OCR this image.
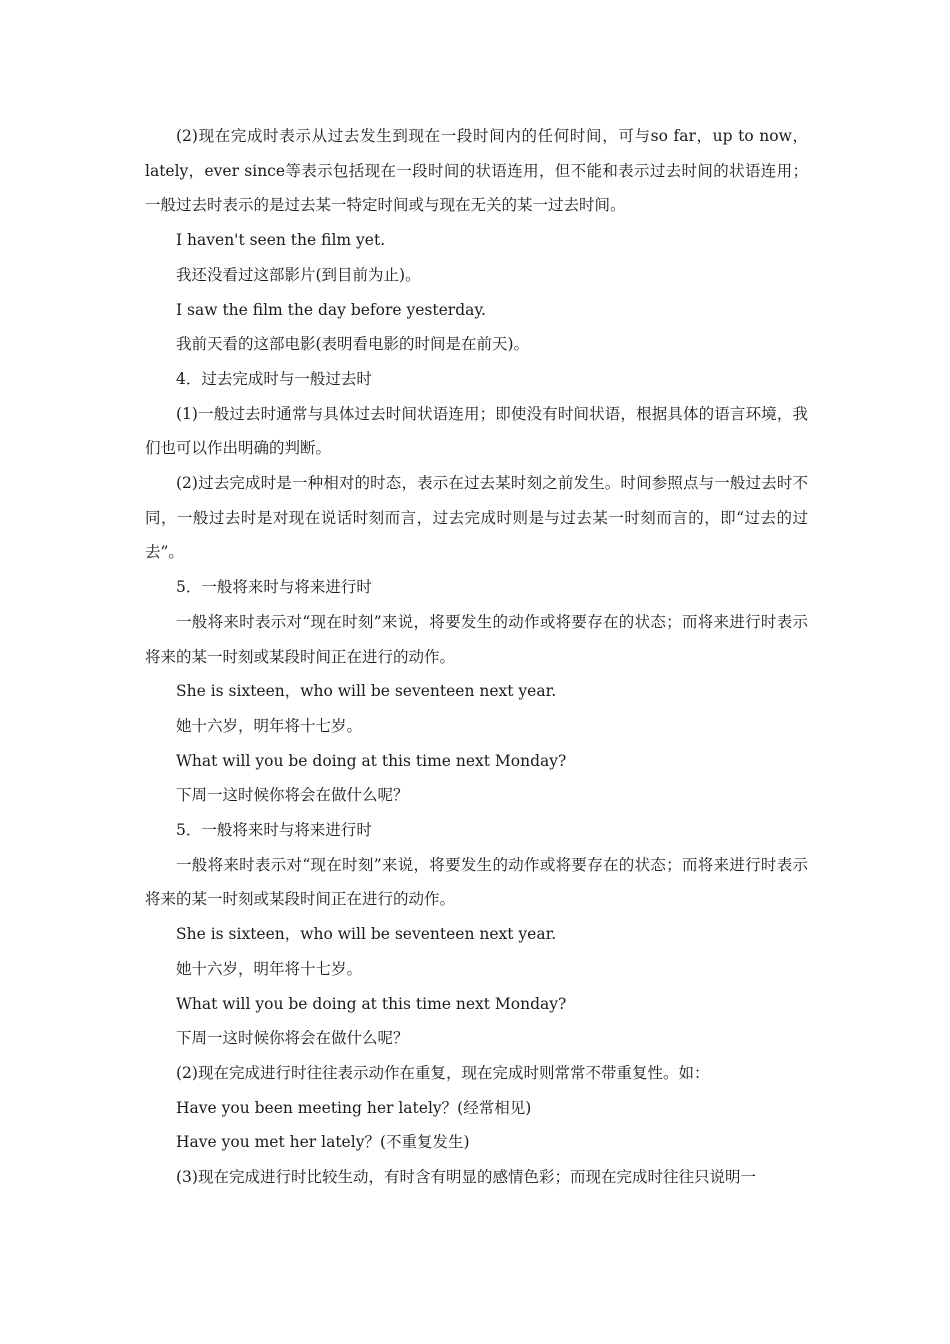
(2)现在完成时表示从过去发生到现在一段时间内的任何时间，可与so far，up to now，lately，ever since等表示包括现在一段时间的状语连用，但不能和表示过去时间的状语连用；一般过去时表示的是过去某一特定时间或与现在无关的某一过去时间。

I haven't seen the film yet.

我还没看过这部影片(到目前为止)。

I saw the film the day before yesterday.

我前天看的这部电影(表明看电影的时间是在前天)。

4．过去完成时与一般过去时

(1)一般过去时通常与具体过去时间状语连用；即使没有时间状语，根据具体的语言环境，我们也可以作出明确的判断。

(2)过去完成时是一种相对的时态，表示在过去某时刻之前发生。时间参照点与一般过去时不同，一般过去时是对现在说话时刻而言，过去完成时则是与过去某一时刻而言的，即“过去的过去”。

5．一般将来时与将来进行时

一般将来时表示对“现在时刻”来说，将要发生的动作或将要存在的状态；而将来进行时表示将来的某一时刻或某段时间正在进行的动作。

She is sixteen，who will be seventeen next year.

她十六岁，明年将十七岁。

What will you be doing at this time next Monday?

下周一这时候你将会在做什么呢？

5．一般将来时与将来进行时

一般将来时表示对“现在时刻”来说，将要发生的动作或将要存在的状态；而将来进行时表示将来的某一时刻或某段时间正在进行的动作。

She is sixteen，who will be seventeen next year.

她十六岁，明年将十七岁。

What will you be doing at this time next Monday?

下周一这时候你将会在做什么呢？

(2)现在完成进行时往往表示动作在重复，现在完成时则常常不带重复性。如：

Have you been meeting her lately？(经常相见)

Have you met her lately？(不重复发生)

(3)现在完成进行时比较生动，有时含有明显的感情色彩；而现在完成时往往只说明一
